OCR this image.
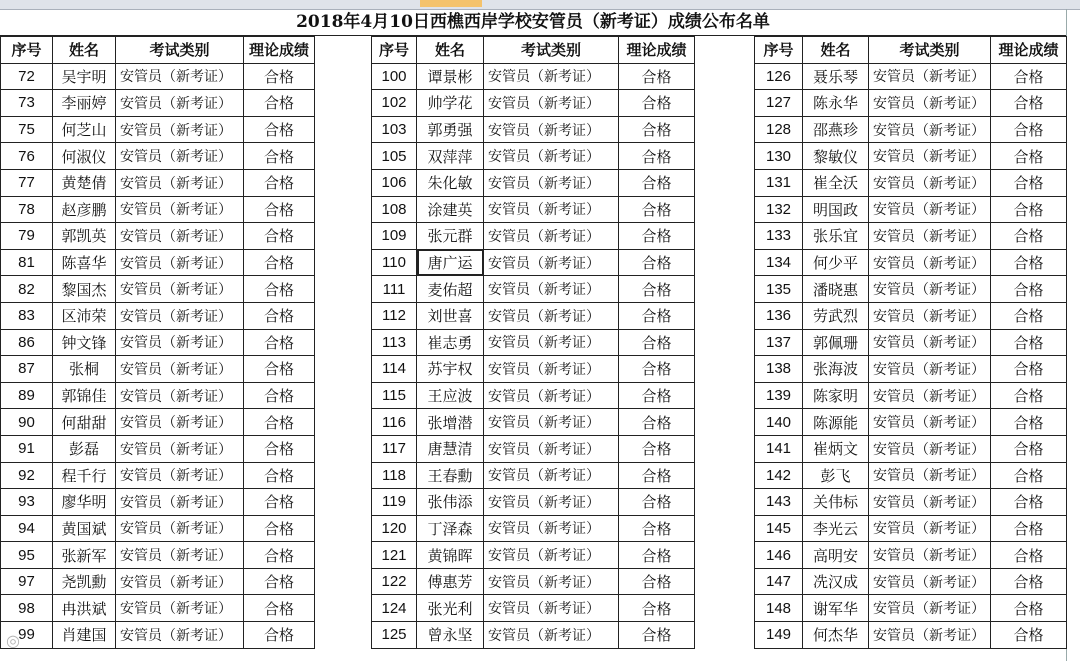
2018年4月10日西樵西岸学校安管员（新考证）成绩公布名单
序号	姓名	考试类别	理论成绩
72	吴宇明	安管员（新考证）	合格
73	李丽婷	安管员（新考证）	合格
75	何芝山	安管员（新考证）	合格
76	何淑仪	安管员（新考证）	合格
77	黄楚倩	安管员（新考证）	合格
78	赵彦鹏	安管员（新考证）	合格
79	郭凯英	安管员（新考证）	合格
81	陈喜华	安管员（新考证）	合格
82	黎国杰	安管员（新考证）	合格
83	区沛荣	安管员（新考证）	合格
86	钟文锋	安管员（新考证）	合格
87	张桐	安管员（新考证）	合格
89	郭锦佳	安管员（新考证）	合格
90	何甜甜	安管员（新考证）	合格
91	彭磊	安管员（新考证）	合格
92	程千行	安管员（新考证）	合格
93	廖华明	安管员（新考证）	合格
94	黄国斌	安管员（新考证）	合格
95	张新军	安管员（新考证）	合格
97	尧凯勳	安管员（新考证）	合格
98	冉洪斌	安管员（新考证）	合格
99	肖建国	安管员（新考证）	合格
序号	姓名	考试类别	理论成绩
100	谭景彬	安管员（新考证）	合格
102	帅学花	安管员（新考证）	合格
103	郭勇强	安管员（新考证）	合格
105	双萍萍	安管员（新考证）	合格
106	朱化敏	安管员（新考证）	合格
108	涂建英	安管员（新考证）	合格
109	张元群	安管员（新考证）	合格
110	唐广运	安管员（新考证）	合格
111	麦佑超	安管员（新考证）	合格
112	刘世喜	安管员（新考证）	合格
113	崔志勇	安管员（新考证）	合格
114	苏宇权	安管员（新考证）	合格
115	王应波	安管员（新考证）	合格
116	张增潜	安管员（新考证）	合格
117	唐慧清	安管员（新考证）	合格
118	王春勳	安管员（新考证）	合格
119	张伟添	安管员（新考证）	合格
120	丁泽森	安管员（新考证）	合格
121	黄锦晖	安管员（新考证）	合格
122	傅惠芳	安管员（新考证）	合格
124	张光利	安管员（新考证）	合格
125	曾永坚	安管员（新考证）	合格
序号	姓名	考试类别	理论成绩
126	聂乐琴	安管员（新考证）	合格
127	陈永华	安管员（新考证）	合格
128	邵燕珍	安管员（新考证）	合格
130	黎敏仪	安管员（新考证）	合格
131	崔全沃	安管员（新考证）	合格
132	明国政	安管员（新考证）	合格
133	张乐宜	安管员（新考证）	合格
134	何少平	安管员（新考证）	合格
135	潘晓惠	安管员（新考证）	合格
136	劳武烈	安管员（新考证）	合格
137	郭佩珊	安管员（新考证）	合格
138	张海波	安管员（新考证）	合格
139	陈家明	安管员（新考证）	合格
140	陈源能	安管员（新考证）	合格
141	崔炳文	安管员（新考证）	合格
142	彭飞	安管员（新考证）	合格
143	关伟标	安管员（新考证）	合格
145	李光云	安管员（新考证）	合格
146	高明安	安管员（新考证）	合格
147	冼汉成	安管员（新考证）	合格
148	谢军华	安管员（新考证）	合格
149	何杰华	安管员（新考证）	合格
◎
